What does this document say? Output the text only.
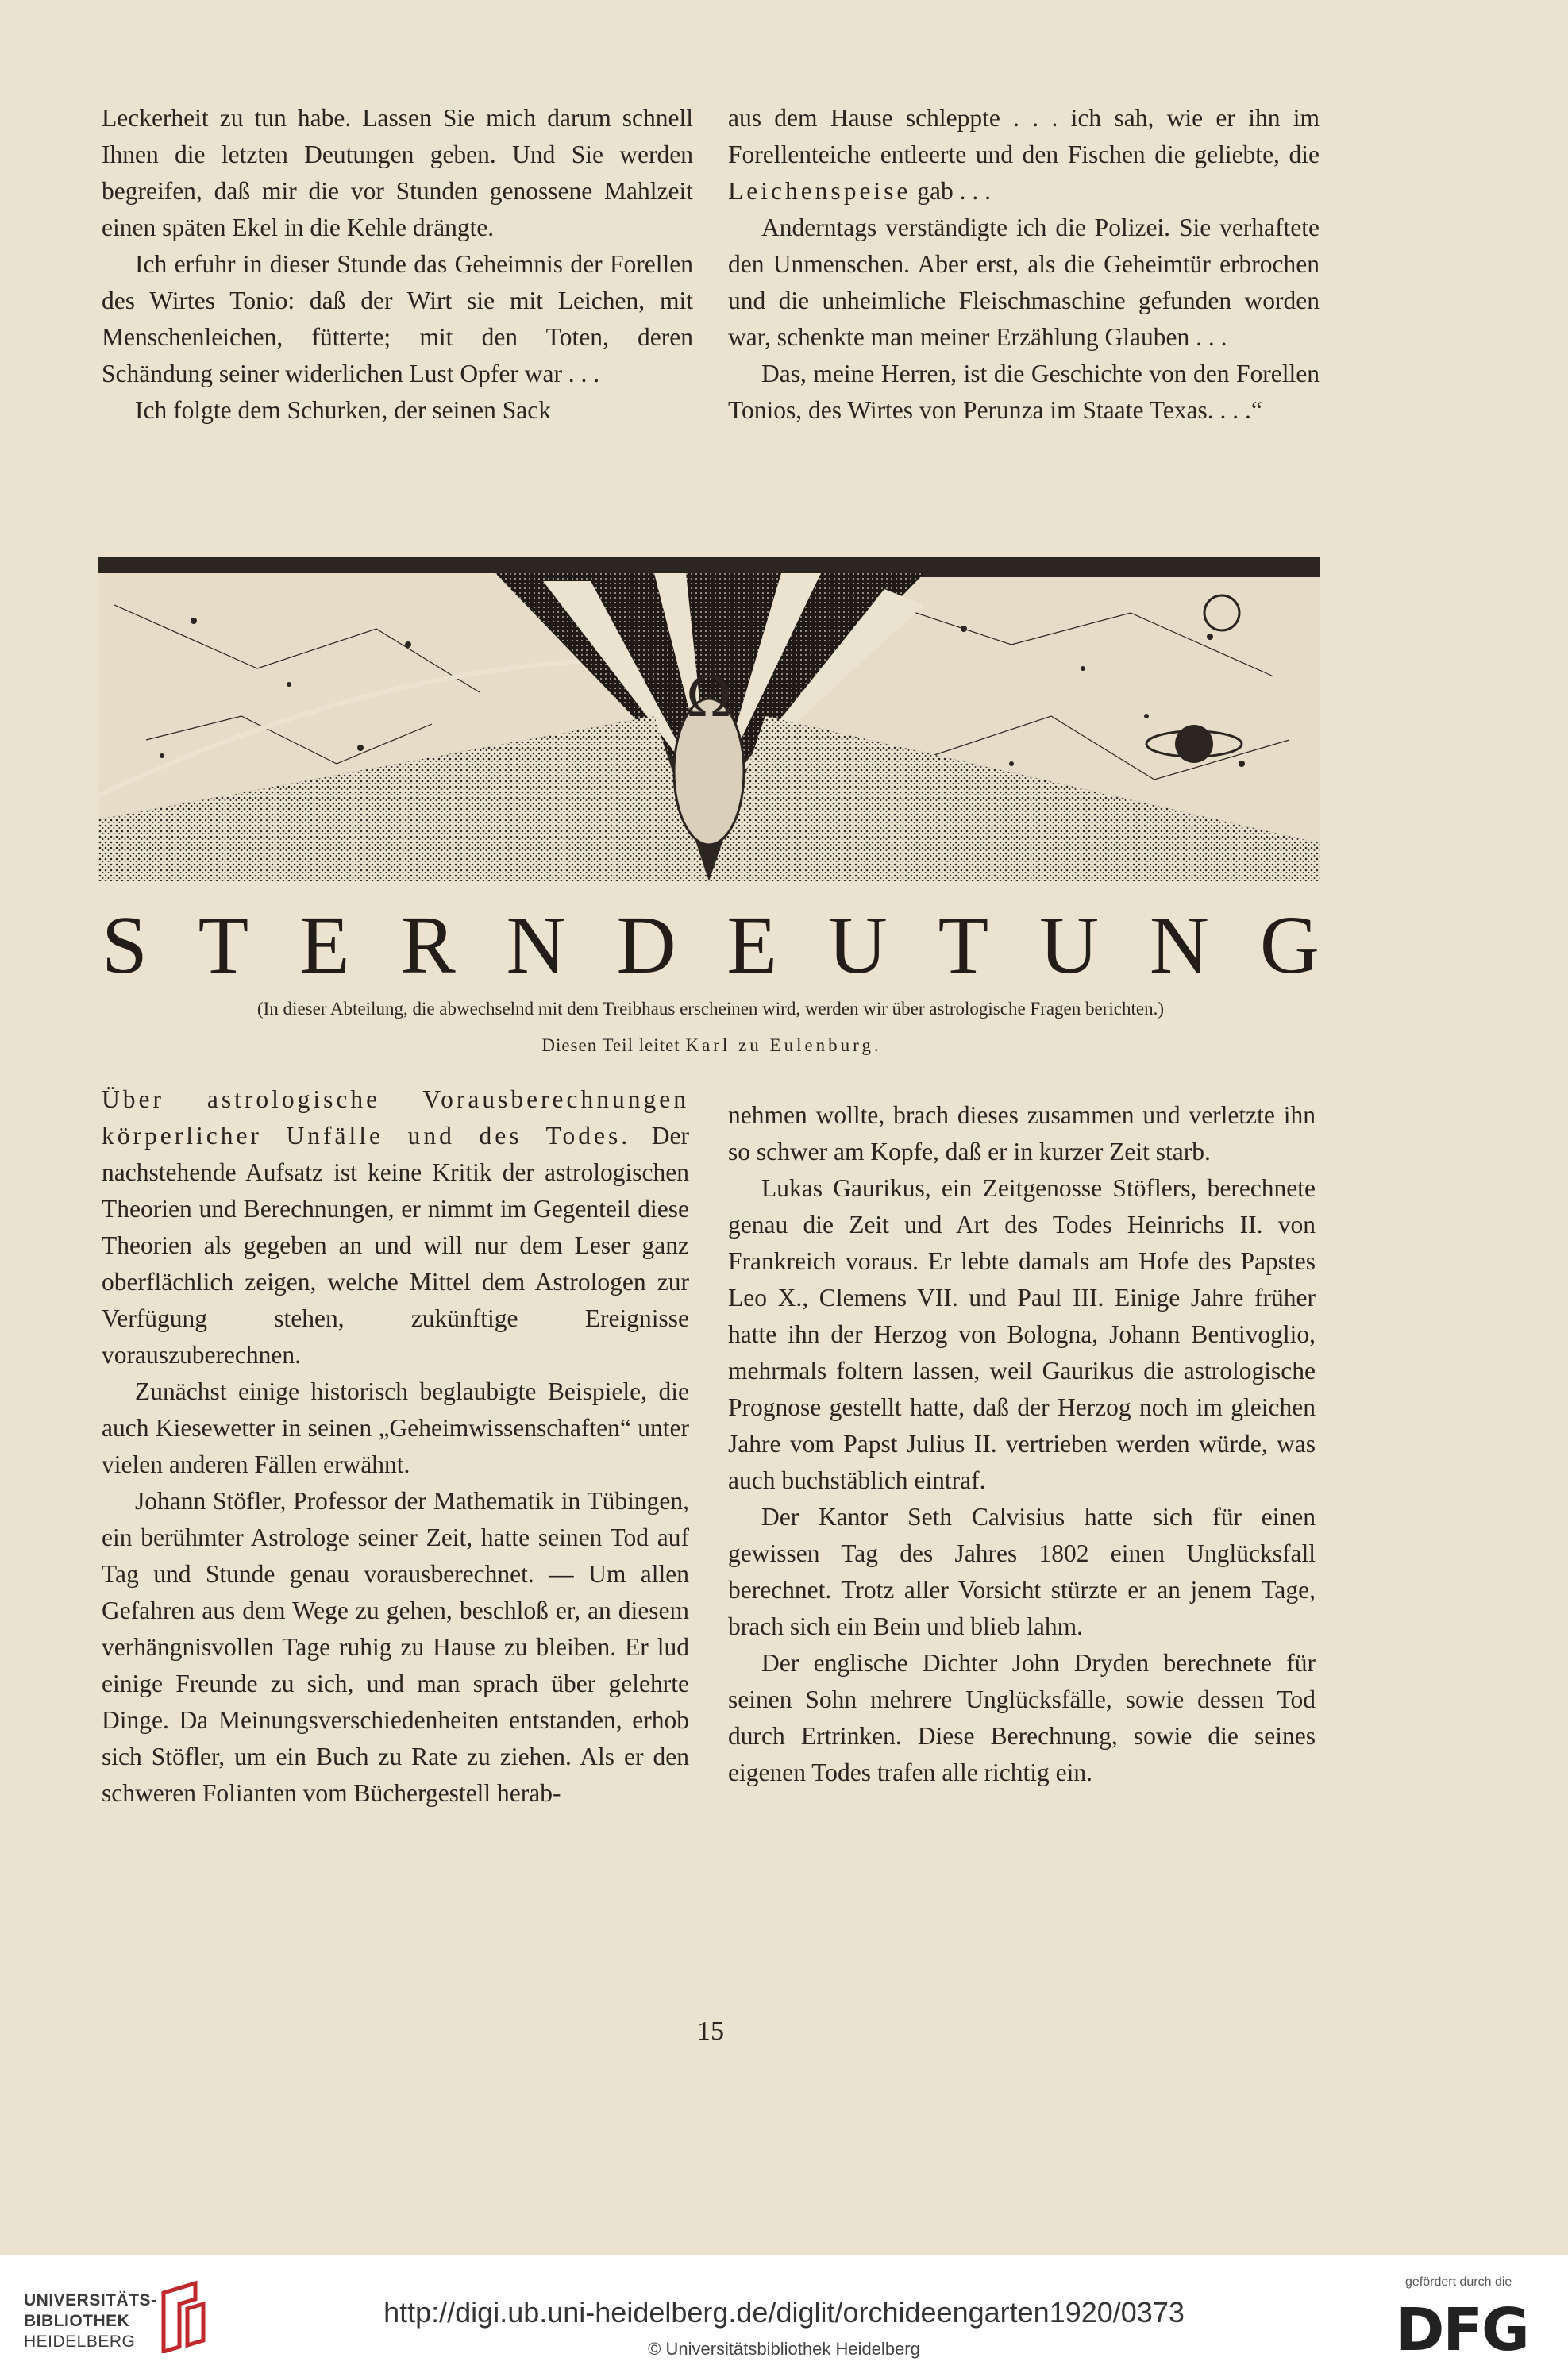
Leckerheit zu tun habe. Lassen Sie mich darum schnell Ihnen die letzten Deutungen geben. Und Sie werden begreifen, daß mir die vor Stunden genossene Mahlzeit einen späten Ekel in die Kehle drängte.

Ich erfuhr in dieser Stunde das Geheimnis der Forellen des Wirtes Tonio: daß der Wirt sie mit Leichen, mit Menschenleichen, fütterte; mit den Toten, deren Schändung seiner widerlichen Lust Opfer war . . .

Ich folgte dem Schurken, der seinen Sack

aus dem Hause schleppte . . . ich sah, wie er ihn im Forellenteiche entleerte und den Fischen die geliebte, die Leichenspeise gab . . .

Anderntags verständigte ich die Polizei. Sie verhaftete den Unmenschen. Aber erst, als die Geheimtür erbrochen und die unheimliche Fleischmaschine gefunden worden war, schenkte man meiner Erzählung Glauben . . .

Das, meine Herren, ist die Geschichte von den Forellen Tonios, des Wirtes von Perunza im Staate Texas. . . .“

Ω
Merkur
S T E R N D E U T U N G

(In dieser Abteilung, die abwechselnd mit dem Treibhaus erscheinen wird, werden wir über astrologische Fragen berichten.)

Diesen Teil leitet Karl zu Eulenburg.

Über astrologische Vorausberechnungen körperlicher Unfälle und des Todes. Der nachstehende Aufsatz ist keine Kritik der astrologischen Theorien und Berechnungen, er nimmt im Gegenteil diese Theorien als gegeben an und will nur dem Leser ganz oberflächlich zeigen, welche Mittel dem Astrologen zur Verfügung stehen, zukünftige Ereignisse vorauszuberechnen.

Zunächst einige historisch beglaubigte Beispiele, die auch Kiesewetter in seinen „Geheimwissenschaften“ unter vielen anderen Fällen erwähnt.

Johann Stöfler, Professor der Mathematik in Tübingen, ein berühmter Astrologe seiner Zeit, hatte seinen Tod auf Tag und Stunde genau vorausberechnet. — Um allen Gefahren aus dem Wege zu gehen, beschloß er, an diesem verhängnisvollen Tage ruhig zu Hause zu bleiben. Er lud einige Freunde zu sich, und man sprach über gelehrte Dinge. Da Meinungsverschiedenheiten entstanden, erhob sich Stöfler, um ein Buch zu Rate zu ziehen. Als er den schweren Folianten vom Büchergestell herab-

nehmen wollte, brach dieses zusammen und verletzte ihn so schwer am Kopfe, daß er in kurzer Zeit starb.

Lukas Gaurikus, ein Zeitgenosse Stöflers, berechnete genau die Zeit und Art des Todes Heinrichs II. von Frankreich voraus. Er lebte damals am Hofe des Papstes Leo X., Clemens VII. und Paul III. Einige Jahre früher hatte ihn der Herzog von Bologna, Johann Bentivoglio, mehrmals foltern lassen, weil Gaurikus die astrologische Prognose gestellt hatte, daß der Herzog noch im gleichen Jahre vom Papst Julius II. vertrieben werden würde, was auch buchstäblich eintraf.

Der Kantor Seth Calvisius hatte sich für einen gewissen Tag des Jahres 1802 einen Unglücksfall berechnet. Trotz aller Vorsicht stürzte er an jenem Tage, brach sich ein Bein und blieb lahm.

Der englische Dichter John Dryden berechnete für seinen Sohn mehrere Unglücksfälle, sowie dessen Tod durch Ertrinken. Diese Berechnung, sowie die seines eigenen Todes trafen alle richtig ein.

15
UNIVERSITÄTS-
BIBLIOTHEK
HEIDELBERG
http://digi.ub.uni-heidelberg.de/diglit/orchideengarten1920/0373
© Universitätsbibliothek Heidelberg
gefördert durch die
DFG
